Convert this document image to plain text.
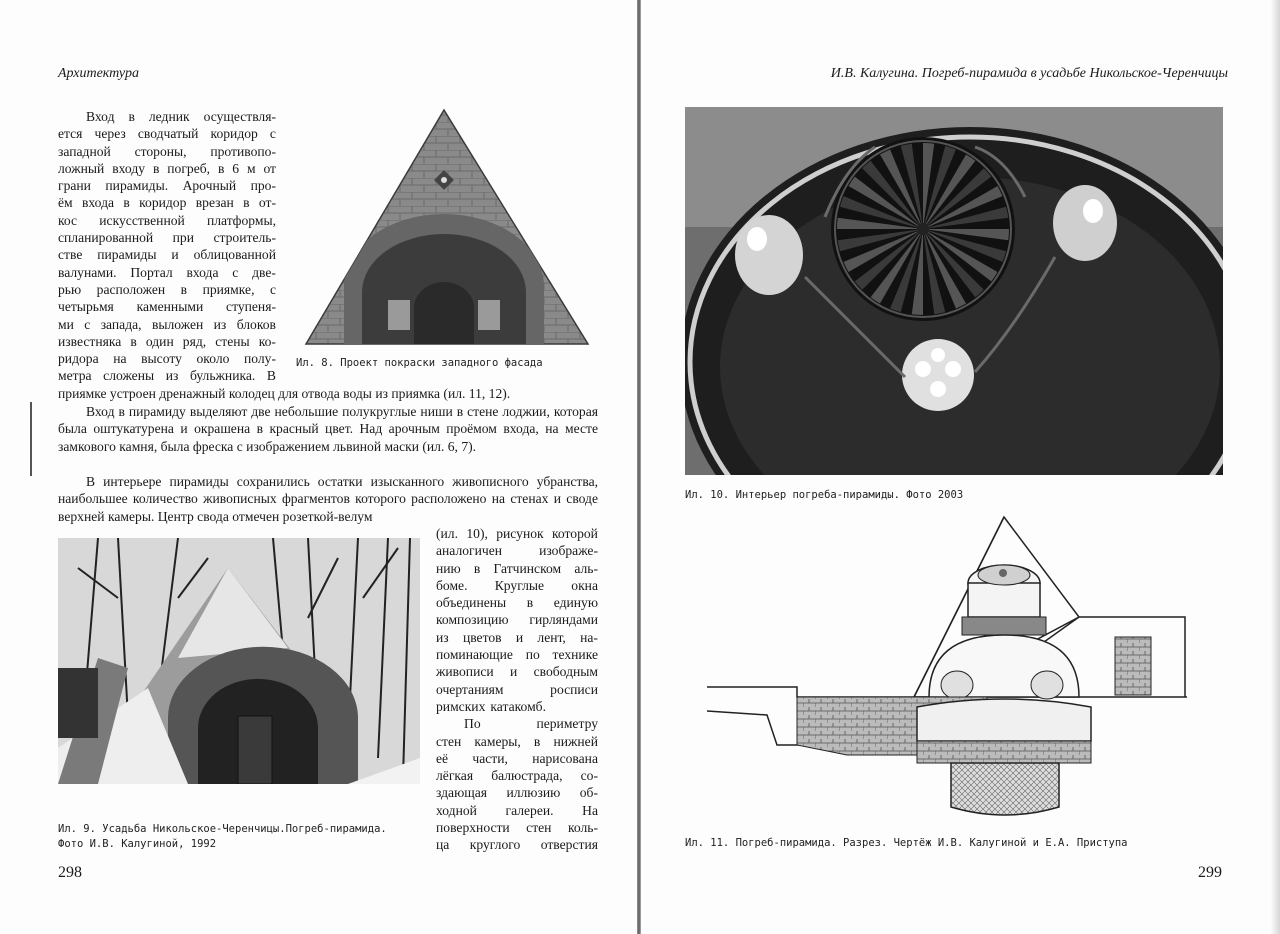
Архитектура
Вход в ледник осуществля-
ется через сводчатый коридор с
западной стороны, противопо-
ложный входу в погреб, в 6 м от
грани пирамиды. Арочный про-
ём входа в коридор врезан в от-
кос искусственной платформы,
спланированной при строитель-
стве пирамиды и облицованной
валунами. Портал входа с две-
рью расположен в приямке, с
четырьмя каменными ступеня-
ми с запада, выложен из блоков
известняка в один ряд, стены ко-
ридора на высоту около полу-
метра сложены из бульжника. В

приямке устроен дренажный колодец для отвода воды из приямка (ил. 11, 12).

Вход в пирамиду выделяют две небольшие полукруглые ниши в стене лоджии, которая была оштукатурена и окрашена в красный цвет. Над арочным проёмом входа, на месте замкового камня, была фреска с изображением львиной маски (ил. 6, 7).

В интерьере пирамиды сохранились остатки изысканного живописного убранства, наибольшее количество живописных фрагментов которого расположено на стенах и своде верхней камеры. Центр свода отмечен розеткой-велум

(ил. 10), рисунок которой
аналогичен	изображе-
нию в Гатчинском аль-
боме. Круглые окна
объединены в единую
композицию гирляндами
из цветов и лент, на-
поминающие по технике
живописи и свободным
очертаниям	росписи
римских катакомб.
По	периметру
стен камеры, в нижней
её части, нарисована
лёгкая балюстрада, со-
здающая иллюзию об-
ходной галереи. На
поверхности стен коль-
ца круглого отверстия
Ил. 8. Проект покраски западного фасада
Ил. 9. Усадьба Никольское-Черенчицы.Погреб-пирамида.
Фото И.В. Калугиной, 1992
298
И.В. Калугина. Погреб-пирамида в усадьбе Никольское-Черенчицы
Ил. 10. Интерьер погреба-пирамиды. Фото 2003
Ил. 11. Погреб-пирамида. Разрез. Чертёж И.В. Калугиной и Е.А. Приступа
299
